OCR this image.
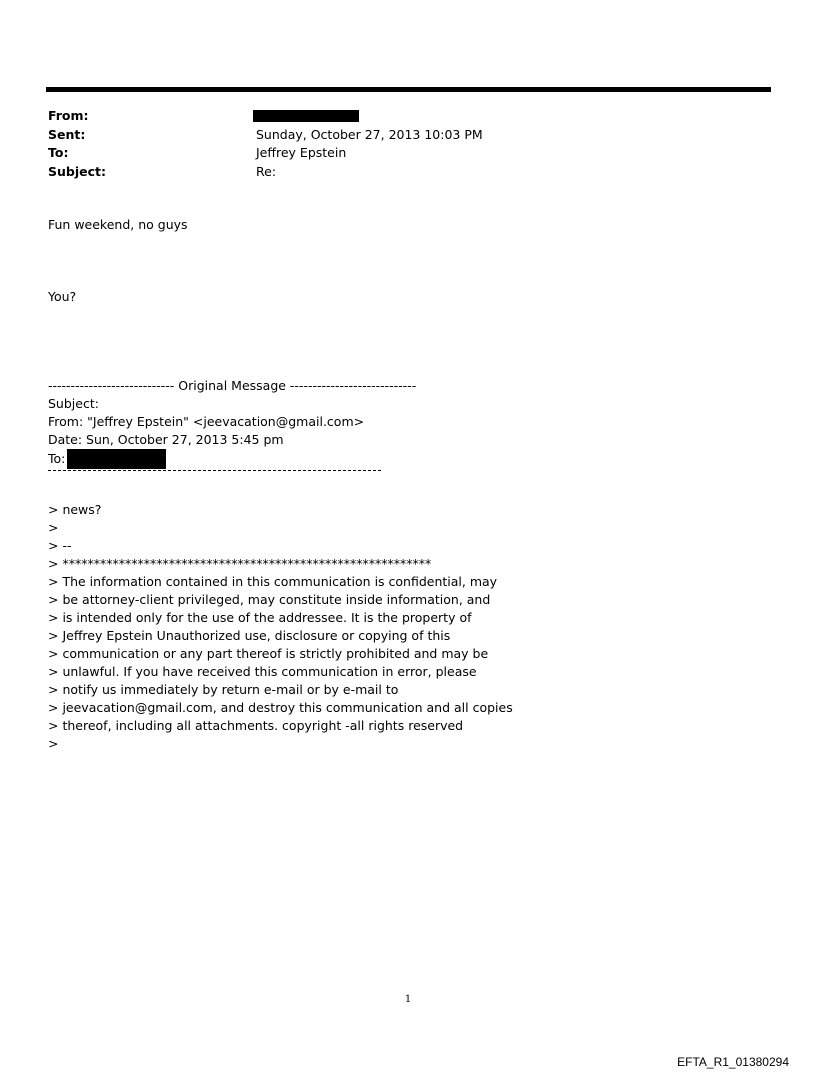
From:
Sent:	Sunday, October 27, 2013 10:03 PM
To:	Jeffrey Epstein
Subject:	Re:
Fun weekend, no guys
You?
---------------------------- Original Message ----------------------------
Subject:
From: "Jeffrey Epstein" <jeevacation@gmail.com>
Date: Sun, October 27, 2013 5:45 pm
To:
> news?
>
> --
> ***********************************************************
> The information contained in this communication is confidential, may
> be attorney-client privileged, may constitute inside information, and
> is intended only for the use of the addressee. It is the property of
> Jeffrey Epstein Unauthorized use, disclosure or copying of this
> communication or any part thereof is strictly prohibited and may be
> unlawful. If you have received this communication in error, please
> notify us immediately by return e-mail or by e-mail to
> jeevacation@gmail.com, and destroy this communication and all copies
> thereof, including all attachments. copyright -all rights reserved
>
1
EFTA_R1_01380294
